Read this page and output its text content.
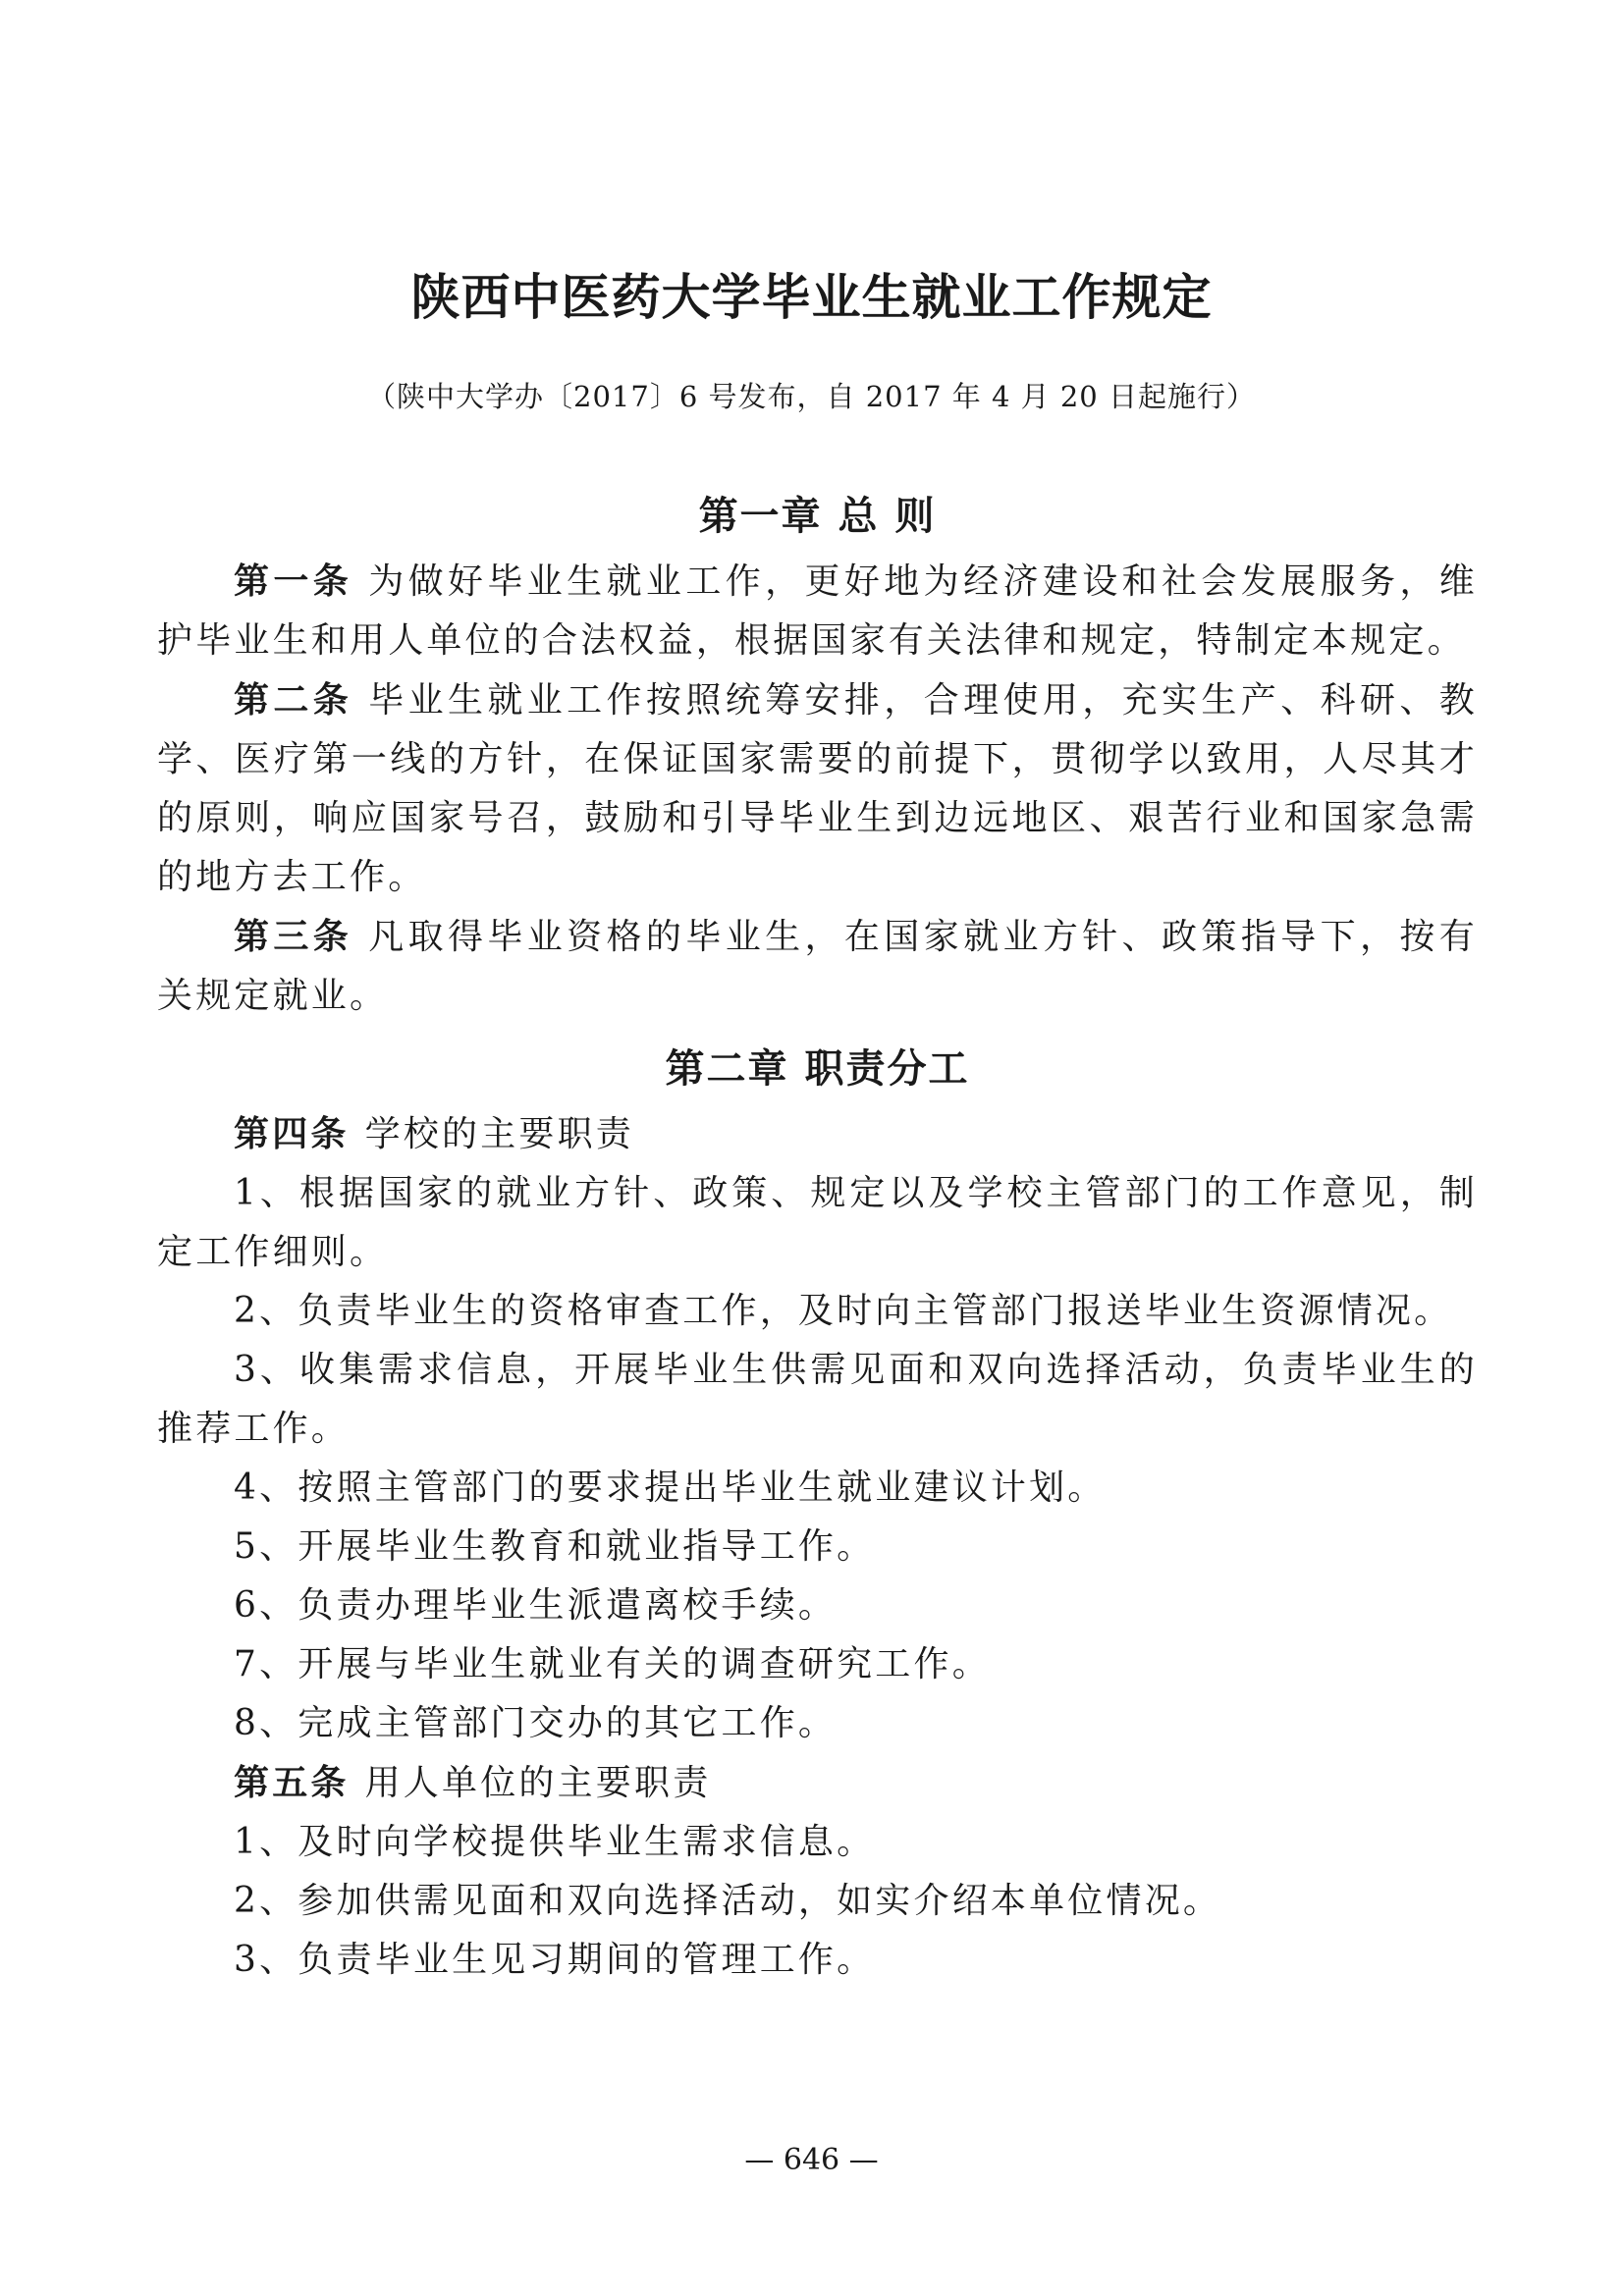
陕西中医药大学毕业生就业工作规定

（陕中大学办〔2017〕6 号发布，自 2017 年 4 月 20 日起施行）

第一章 总 则

第一条 为做好毕业生就业工作，更好地为经济建设和社会发展服务，维护毕业生和用人单位的合法权益，根据国家有关法律和规定，特制定本规定。

第二条 毕业生就业工作按照统筹安排，合理使用，充实生产、科研、教学、医疗第一线的方针，在保证国家需要的前提下，贯彻学以致用，人尽其才的原则，响应国家号召，鼓励和引导毕业生到边远地区、艰苦行业和国家急需的地方去工作。

第三条 凡取得毕业资格的毕业生，在国家就业方针、政策指导下，按有关规定就业。

第二章 职责分工

第四条 学校的主要职责

1、根据国家的就业方针、政策、规定以及学校主管部门的工作意见，制定工作细则。

2、负责毕业生的资格审查工作，及时向主管部门报送毕业生资源情况。

3、收集需求信息，开展毕业生供需见面和双向选择活动，负责毕业生的推荐工作。

4、按照主管部门的要求提出毕业生就业建议计划。

5、开展毕业生教育和就业指导工作。

6、负责办理毕业生派遣离校手续。

7、开展与毕业生就业有关的调查研究工作。

8、完成主管部门交办的其它工作。

第五条 用人单位的主要职责

1、及时向学校提供毕业生需求信息。

2、参加供需见面和双向选择活动，如实介绍本单位情况。

3、负责毕业生见习期间的管理工作。

— 646 —
